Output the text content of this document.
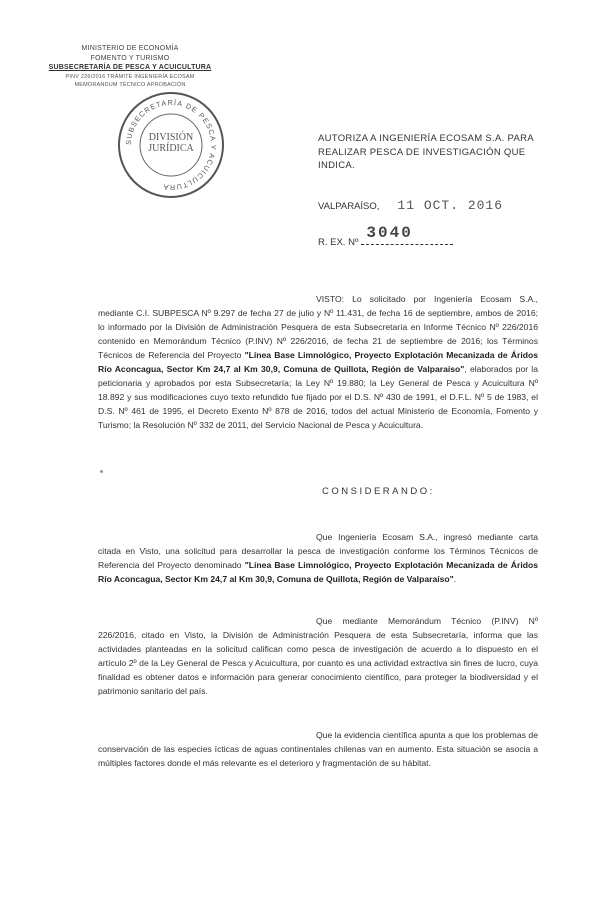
MINISTERIO DE ECONOMÍA
FOMENTO Y TURISMO
SUBSECRETARÍA DE PESCA Y ACUICULTURA
PINV 226/2016 TRÁMITE INGENIERÍA ECOSAM
MEMORANDUM TÉCNICO APROBACIÓN
SUBSECRETARÍA DE PESCA Y ACUICULTURA
DIVISIÓN
JURÍDICA
AUTORIZA A INGENIERÍA ECOSAM S.A. PARA REALIZAR PESCA DE INVESTIGACIÓN QUE INDICA.
VALPARAÍSO, 11 OCT. 2016
R. EX. Nº3040
VISTO: Lo solicitado por Ingeniería Ecosam S.A., mediante C.I. SUBPESCA Nº 9.297 de fecha 27 de julio y Nº 11.431, de fecha 16 de septiembre, ambos de 2016; lo informado por la División de Administración Pesquera de esta Subsecretaría en Informe Técnico Nº 226/2016 contenido en Memorándum Técnico (P.INV) Nº 226/2016, de fecha 21 de septiembre de 2016; los Términos Técnicos de Referencia del Proyecto "Línea Base Limnológico, Proyecto Explotación Mecanizada de Áridos Río Aconcagua, Sector Km 24,7 al Km 30,9, Comuna de Quillota, Región de Valparaíso", elaborados por la peticionaria y aprobados por esta Subsecretaría; la Ley Nº 19.880; la Ley General de Pesca y Acuicultura Nº 18.892 y sus modificaciones cuyo texto refundido fue fijado por el D.S. Nº 430 de 1991, el D.F.L. Nº 5 de 1983, el D.S. Nº 461 de 1995, el Decreto Exento Nº 878 de 2016, todos del actual Ministerio de Economía, Fomento y Turismo; la Resolución Nº 332 de 2011, del Servicio Nacional de Pesca y Acuicultura.
CONSIDERANDO:
Que Ingeniería Ecosam S.A., ingresó mediante carta citada en Visto, una solicitud para desarrollar la pesca de investigación conforme los Términos Técnicos de Referencia del Proyecto denominado "Línea Base Limnológico, Proyecto Explotación Mecanizada de Áridos Río Aconcagua, Sector Km 24,7 al Km 30,9, Comuna de Quillota, Región de Valparaíso".
Que mediante Memorándum Técnico (P.INV) Nº 226/2016, citado en Visto, la División de Administración Pesquera de esta Subsecretaría, informa que las actividades planteadas en la solicitud califican como pesca de investigación de acuerdo a lo dispuesto en el artículo 2º de la Ley General de Pesca y Acuicultura, por cuanto es una actividad extractiva sin fines de lucro, cuya finalidad es obtener datos e información para generar conocimiento científico, para proteger la biodiversidad y el patrimonio sanitario del país.
Que la evidencia científica apunta a que los problemas de conservación de las especies ícticas de aguas continentales chilenas van en aumento. Esta situación se asocia a múltiples factores donde el más relevante es el deterioro y fragmentación de su hábitat.
